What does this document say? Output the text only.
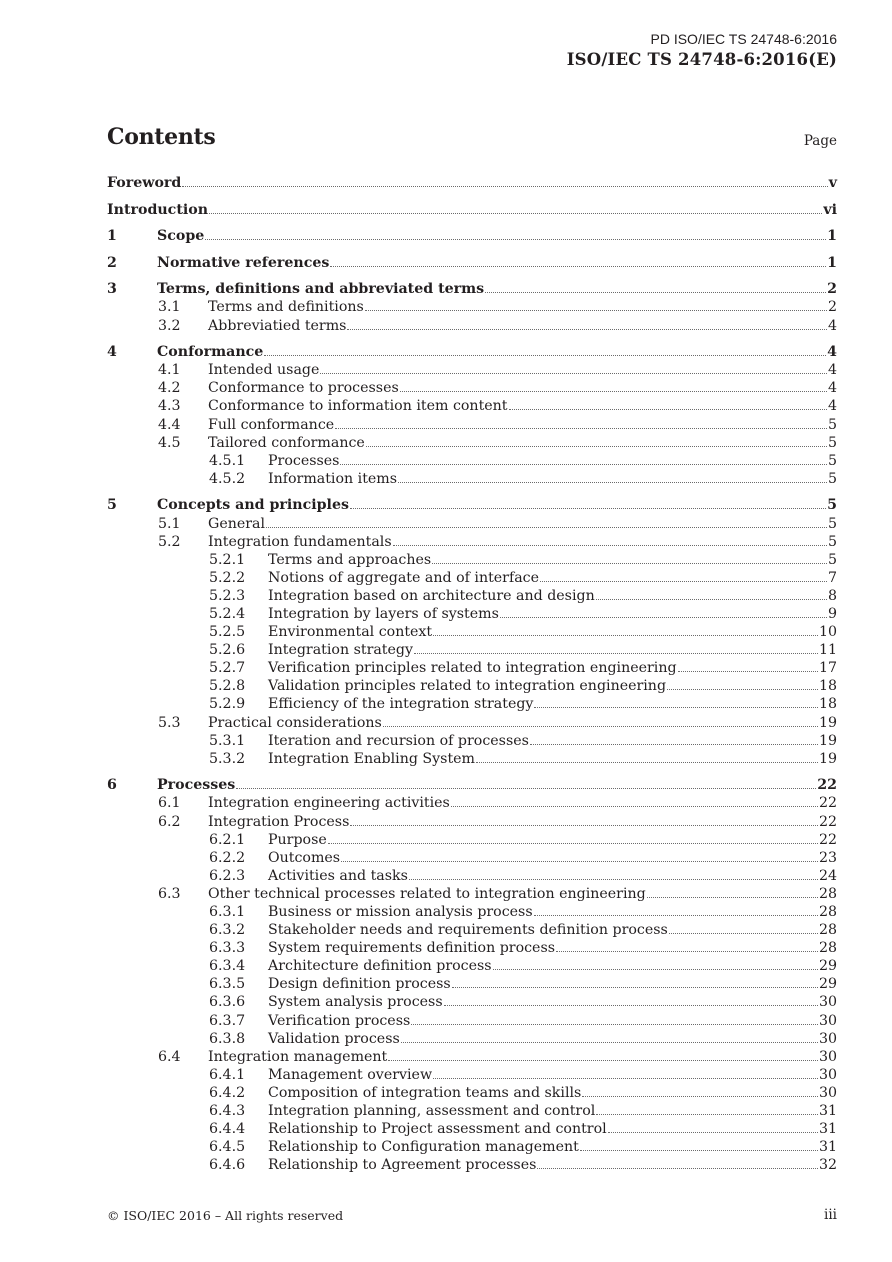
PD ISO/IEC TS 24748-6:2016
ISO/IEC TS 24748-6:2016(E)
Contents	Page
Foreword	v
Introduction	vi
1	Scope	1
2	Normative references	1
3	Terms, definitions and abbreviated terms	2
3.1 Terms and definitions	2
3.2 Abbreviatied terms	4
4	Conformance	4
4.1 Intended usage	4
4.2 Conformance to processes	4
4.3 Conformance to information item content	4
4.4 Full conformance	5
4.5 Tailored conformance	5
4.5.1 Processes	5
4.5.2 Information items	5
5	Concepts and principles	5
5.1 General	5
5.2 Integration fundamentals	5
5.2.1 Terms and approaches	5
5.2.2 Notions of aggregate and of interface	7
5.2.3 Integration based on architecture and design	8
5.2.4 Integration by layers of systems	9
5.2.5 Environmental context	10
5.2.6 Integration strategy	11
5.2.7 Verification principles related to integration engineering	17
5.2.8 Validation principles related to integration engineering	18
5.2.9 Efficiency of the integration strategy	18
5.3 Practical considerations	19
5.3.1 Iteration and recursion of processes	19
5.3.2 Integration Enabling System	19
6	Processes	22
6.1 Integration engineering activities	22
6.2 Integration Process	22
6.2.1 Purpose	22
6.2.2 Outcomes	23
6.2.3 Activities and tasks	24
6.3 Other technical processes related to integration engineering	28
6.3.1 Business or mission analysis process	28
6.3.2 Stakeholder needs and requirements definition process	28
6.3.3 System requirements definition process	28
6.3.4 Architecture definition process	29
6.3.5 Design definition process	29
6.3.6 System analysis process	30
6.3.7 Verification process	30
6.3.8 Validation process	30
6.4 Integration management	30
6.4.1 Management overview	30
6.4.2 Composition of integration teams and skills	30
6.4.3 Integration planning, assessment and control	31
6.4.4 Relationship to Project assessment and control	31
6.4.5 Relationship to Configuration management	31
6.4.6 Relationship to Agreement processes	32
© ISO/IEC 2016 – All rights reserved	iii
